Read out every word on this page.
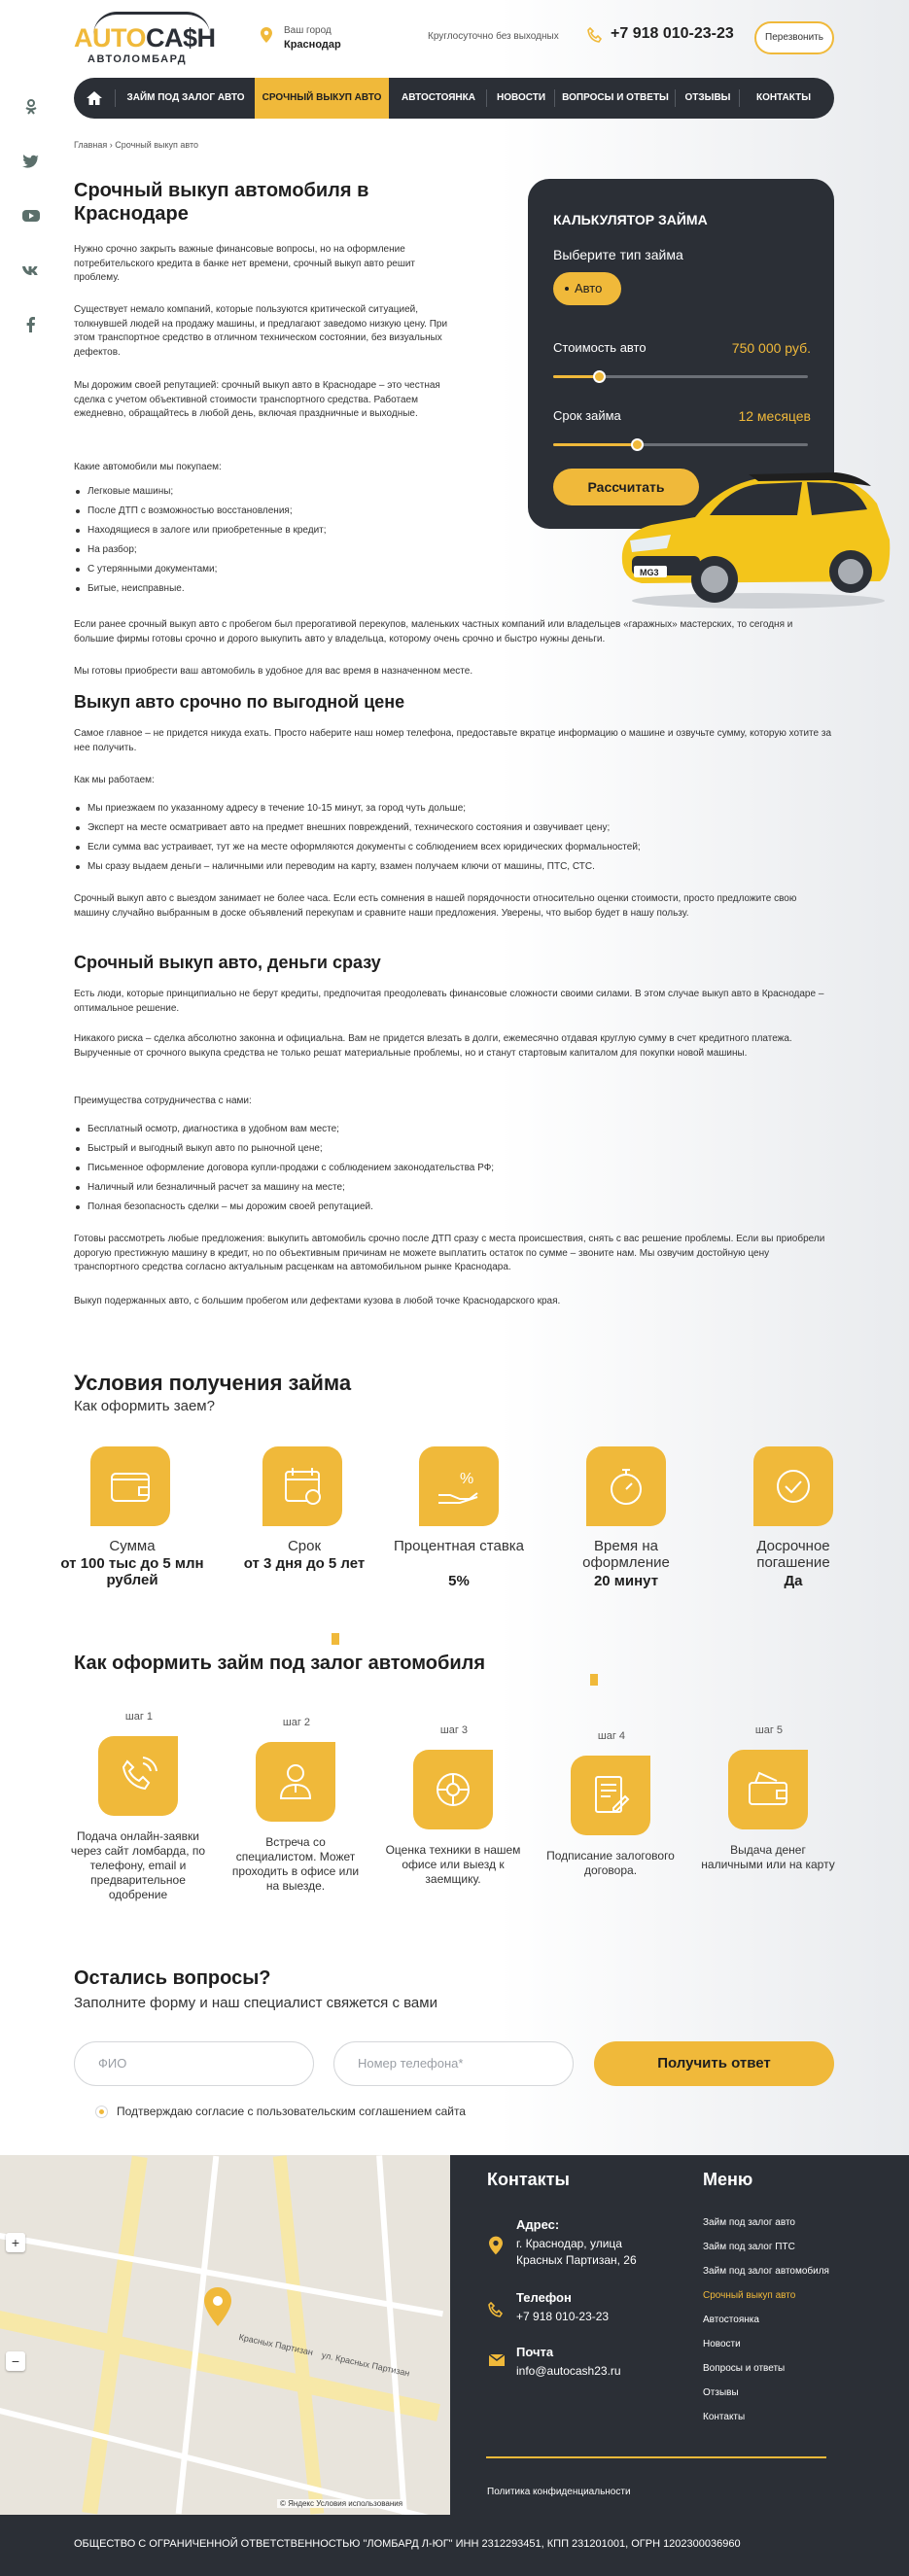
AUTOCA$H
АВТОЛОМБАРД
Ваш город
Краснодар
Круглосуточно без выходных	+7 918 010-23-23	Перезвонить
ЗАЙМ ПОД ЗАЛОГ АВТО	СРОЧНЫЙ ВЫКУП АВТО	АВТОСТОЯНКА	НОВОСТИ	ВОПРОСЫ И ОТВЕТЫ	ОТЗЫВЫ	КОНТАКТЫ
Главная › Срочный выкуп авто
Срочный выкуп автомобиля в Краснодаре

Нужно срочно закрыть важные финансовые вопросы, но на оформление потребительского кредита в банке нет времени, срочный выкуп авто решит проблему.

Существует немало компаний, которые пользуются критической ситуацией, толкнувшей людей на продажу машины, и предлагают заведомо низкую цену. При этом транспортное средство в отличном техническом состоянии, без визуальных дефектов.

Мы дорожим своей репутацией: срочный выкуп авто в Краснодаре – это честная сделка с учетом объективной стоимости транспортного средства. Работаем ежедневно, обращайтесь в любой день, включая праздничные и выходные.

Какие автомобили мы покупаем:

Легковые машины;
После ДТП с возможностью восстановления;
Находящиеся в залоге или приобретенные в кредит;
На разбор;
С утерянными документами;
Битые, неисправные.

Если ранее срочный выкуп авто с пробегом был прерогативой перекупов, маленьких частных компаний или владельцев «гаражных» мастерских, то сегодня и большие фирмы готовы срочно и дорого выкупить авто у владельца, которому очень срочно и быстро нужны деньги.

Мы готовы приобрести ваш автомобиль в удобное для вас время в назначенном месте.

Выкуп авто срочно по выгодной цене

Самое главное – не придется никуда ехать. Просто наберите наш номер телефона, предоставьте вкратце информацию о машине и озвучьте сумму, которую хотите за нее получить.

Как мы работаем:

Мы приезжаем по указанному адресу в течение 10-15 минут, за город чуть дольше;
Эксперт на месте осматривает авто на предмет внешних повреждений, технического состояния и озвучивает цену;
Если сумма вас устраивает, тут же на месте оформляются документы с соблюдением всех юридических формальностей;
Мы сразу выдаем деньги – наличными или переводим на карту, взамен получаем ключи от машины, ПТС, СТС.

Срочный выкуп авто с выездом занимает не более часа. Если есть сомнения в нашей порядочности относительно оценки стоимости, просто предложите свою машину случайно выбранным в доске объявлений перекупам и сравните наши предложения. Уверены, что выбор будет в нашу пользу.

Срочный выкуп авто, деньги сразу

Есть люди, которые принципиально не берут кредиты, предпочитая преодолевать финансовые сложности своими силами. В этом случае выкуп авто в Краснодаре – оптимальное решение.

Никакого риска – сделка абсолютно законна и официальна. Вам не придется влезать в долги, ежемесячно отдавая круглую сумму в счет кредитного платежа. Вырученные от срочного выкупа средства не только решат материальные проблемы, но и станут стартовым капиталом для покупки новой машины.

Преимущества сотрудничества с нами:

Бесплатный осмотр, диагностика в удобном вам месте;
Быстрый и выгодный выкуп авто по рыночной цене;
Письменное оформление договора купли-продажи с соблюдением законодательства РФ;
Наличный или безналичный расчет за машину на месте;
Полная безопасность сделки – мы дорожим своей репутацией.

Готовы рассмотреть любые предложения: выкупить автомобиль срочно после ДТП сразу с места происшествия, снять с вас решение проблемы. Если вы приобрели дорогую престижную машину в кредит, но по объективным причинам не можете выплатить остаток по сумме – звоните нам. Мы озвучим достойную цену транспортного средства согласно актуальным расценкам на автомобильном рынке Краснодара.

Выкуп подержанных авто, с большим пробегом или дефектами кузова в любой точке Краснодарского края.

КАЛЬКУЛЯТОР ЗАЙМА
Выберите тип займа
Авто
Стоимость авто	750 000 руб.
Срок займа	12 месяцев
Рассчитать
MG3
Условия получения займа
Как оформить заем?
Сумма
от 100 тыс до 5 млн рублей
Срок
от 3 дня до 5 лет
%
Процентная ставка
5%
Время на оформление
20 минут
Досрочное погашение
Да
Как оформить займ под залог автомобиля
шаг 1
Подача онлайн-заявки через сайт ломбарда, по телефону, email и предварительное одобрение
шаг 2
Встреча со специалистом. Может проходить в офисе или на выезде.
шаг 3
Оценка техники в нашем офисе или выезд к заемщику.
шаг 4
Подписание залогового договора.
шаг 5
Выдача денег наличными или на карту
Остались вопросы?
Заполните форму и наш специалист свяжется с вами
ФИО	Номер телефона*	Получить ответ
Подтверждаю согласие с пользовательским соглашением сайта
Красных Партизан
ул. Красных Партизан
+
−
© Яндекс Условия использования
Контакты
Адрес:
г. Краснодар, улица Красных Партизан, 26
Телефон
+7 918 010-23-23
Почта
info@autocash23.ru
Меню
Займ под залог авто
Займ под залог ПТС
Займ под залог автомобиля
Срочный выкуп авто
Автостоянка
Новости
Вопросы и ответы
Отзывы
Контакты
Политика конфиденциальности
ОБЩЕСТВО С ОГРАНИЧЕННОЙ ОТВЕТСТВЕННОСТЬЮ "ЛОМБАРД Л-ЮГ" ИНН 2312293451, КПП 231201001, ОГРН 1202300036960
